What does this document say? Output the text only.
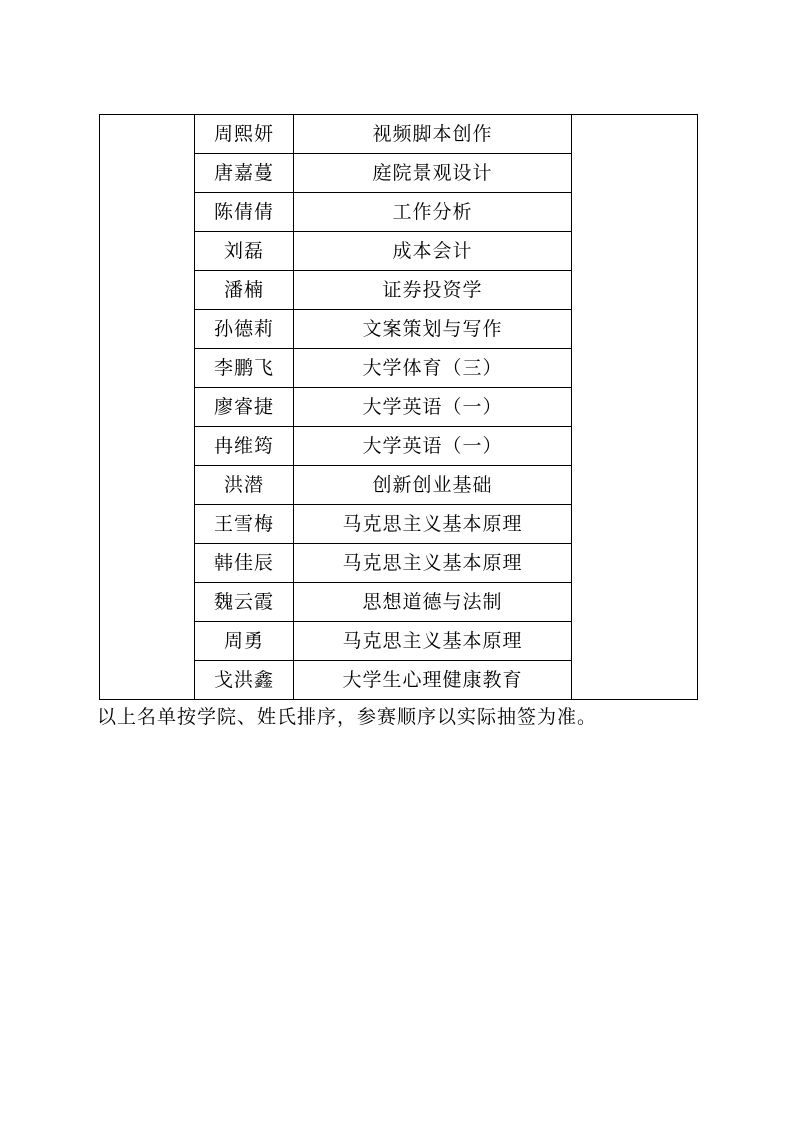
	周熙妍	视频脚本创作	
	唐嘉蔓	庭院景观设计	
	陈倩倩	工作分析	
	刘磊	成本会计	
	潘楠	证券投资学	
	孙德莉	文案策划与写作	
	李鹏飞	大学体育（三）	
	廖睿捷	大学英语（一）	
	冉维筠	大学英语（一）	
	洪潜	创新创业基础	
	王雪梅	马克思主义基本原理	
	韩佳辰	马克思主义基本原理	
	魏云霞	思想道德与法制	
	周勇	马克思主义基本原理	
	戈洪鑫	大学生心理健康教育	
以上名单按学院、姓氏排序，参赛顺序以实际抽签为准。
